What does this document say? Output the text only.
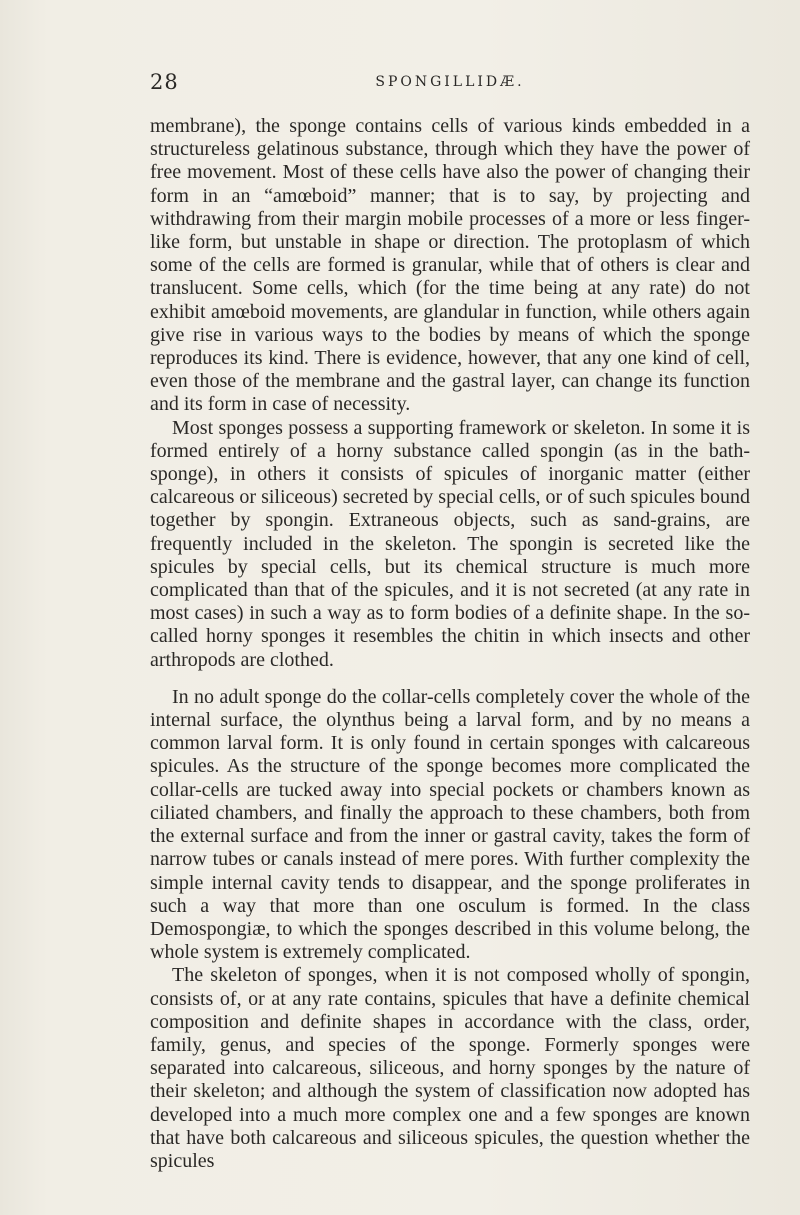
28	SPONGILLIDÆ.

membrane), the sponge contains cells of various kinds embedded in a structureless gelatinous substance, through which they have the power of free movement. Most of these cells have also the power of changing their form in an “amœboid” manner; that is to say, by projecting and withdrawing from their margin mobile processes of a more or less finger-like form, but unstable in shape or direction. The protoplasm of which some of the cells are formed is granular, while that of others is clear and translucent. Some cells, which (for the time being at any rate) do not exhibit amœboid movements, are glandular in function, while others again give rise in various ways to the bodies by means of which the sponge reproduces its kind. There is evidence, however, that any one kind of cell, even those of the membrane and the gastral layer, can change its function and its form in case of necessity.

Most sponges possess a supporting framework or skeleton. In some it is formed entirely of a horny substance called spongin (as in the bath-sponge), in others it consists of spicules of inorganic matter (either calcareous or siliceous) secreted by special cells, or of such spicules bound together by spongin. Extraneous objects, such as sand-grains, are frequently included in the skeleton. The spongin is secreted like the spicules by special cells, but its chemical structure is much more complicated than that of the spicules, and it is not secreted (at any rate in most cases) in such a way as to form bodies of a definite shape. In the so-called horny sponges it resembles the chitin in which insects and other arthropods are clothed.

In no adult sponge do the collar-cells completely cover the whole of the internal surface, the olynthus being a larval form, and by no means a common larval form. It is only found in certain sponges with calcareous spicules. As the structure of the sponge becomes more complicated the collar-cells are tucked away into special pockets or chambers known as ciliated chambers, and finally the approach to these chambers, both from the external surface and from the inner or gastral cavity, takes the form of narrow tubes or canals instead of mere pores. With further complexity the simple internal cavity tends to disappear, and the sponge proliferates in such a way that more than one osculum is formed. In the class Demospongiæ, to which the sponges described in this volume belong, the whole system is extremely complicated.

The skeleton of sponges, when it is not composed wholly of spongin, consists of, or at any rate contains, spicules that have a definite chemical composition and definite shapes in accordance with the class, order, family, genus, and species of the sponge. Formerly sponges were separated into calcareous, siliceous, and horny sponges by the nature of their skeleton; and although the system of classification now adopted has developed into a much more complex one and a few sponges are known that have both calcareous and siliceous spicules, the question whether the spicules
